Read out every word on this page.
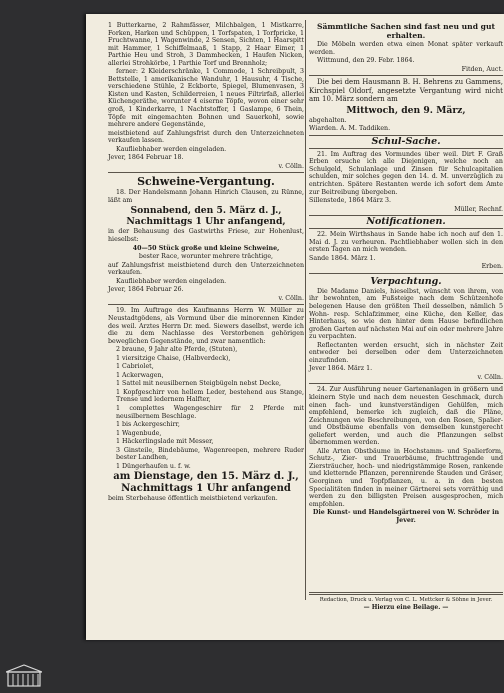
1 Butterkarne, 2 Rahmfässer, Milchbalgen, 1 Mistkarre, Forken, Harken und Schüppen, 1 Torfspaten, 1 Torfpricke, 1 Fruchtwanne, 1 Wagenwinde, 2 Sensen, Sichten, 1 Haarspitt mit Hammer, 1 Schiffelmaaß, 1 Stapp, 2 Haar Eimer, 1 Parthie Heu und Stroh, 3 Dammhecken, 1 Haufen Nicken, allerlei Strohkörbe, 1 Parthie Torf und Brennholz;

ferner: 2 Kleiderschränke, 1 Commode, 1 Schreibpult, 3 Bettstelle, 1 amerikanische Wanduhr, 1 Hausuhr, 4 Tische, verschiedene Stühle, 2 Eckborte, Spiegel, Blumenvasen, 3 Kisten und Kasten, Schilderreien, 1 neues Filtrirfaß, allerlei Küchengeräthe, worunter 4 eiserne Töpfe, wovon einer sehr groß, 1 Kinderkarre, 1 Nachtstoffer, 1 Gaslampe, 6 Thein, Töpfe mit eingemachten Bohnen und Sauerkohl, sowie mehrere andere Gegenstände,

meistbietend auf Zahlungsfrist durch den Unterzeichneten verkaufen lassen.

Kaufliebhaber werden eingeladen.

Jever, 1864 Februar 18.

v. Cölln.

Schweine-Vergantung.

18. Der Handelsmann Johann Hinrich Clausen, zu Rünne, läßt am

Sonnabend, den 5. März d. J., Nachmittags 1 Uhr anfangend,

in der Behausung des Gastwirths Friese, zur Hohenlust, hieselbst:

40—50 Stück große und kleine Schweine,

bester Race, worunter mehrere trächtige,

auf Zahlungsfrist meistbietend durch den Unterzeichneten verkaufen.

Kaufliebhaber werden eingeladen.

Jever, 1864 Februar 26.

v. Cölln.

19. Im Auftrage des Kaufmanns Herrn W. Müller zu Neustadtgödens, als Vormund über die minorennen Kinder des weil. Arztes Herrn Dr. med. Siewers daselbst, werde ich die zu dem Nachlasse des Verstorbenen gehörigen beweglichen Gegenstände, und zwar namentlich:

2 braune, 9 Jahr alte Pferde, (Stuten),

1 viersitzige Chaise, (Halbverdeck),

1 Cabriolet,

1 Ackerwagen,

1 Sattel mit neusilbernen Steigbügeln nebst Decke,

1 Kopfgeschirr von hellem Leder, bestehend aus Stange, Trense und ledernem Halfter,

1 complettes Wagengeschirr für 2 Pferde mit neusilbernem Beschlage.

1 bis Ackergeschirr,

1 Wagenbude,

1 Häckerlingslade mit Messer,

3 Ginsteile, Bindebäume, Wagenreepen, mehrere Ruder bester Landhen,

1 Düngerhaufen u. f. w.

am Dienstage, den 15. März d. J., Nachmittags 1 Uhr anfangend

beim Sterbehause öffentlich meistbietend verkaufen.

Sämmtliche Sachen sind fast neu und gut erhalten.

Die Möbeln werden etwa einen Monat später verkauft werden.

Wittmund, den 29. Febr. 1864.

Fitden, Auct.

Die bei dem Hausmann B. H. Behrens zu Gammens, Kirchspiel Oldorf, angesetzte Vergantung wird nicht am 10. März sondern am

Mittwoch, den 9. März,

abgehalten.

Wiarden. A. M. Taddiken.

Schul-Sache.

21. Im Auftrag des Vormundes über weil. Dirt F. Graß Erben ersuche ich alle Diejenigen, welche noch an Schulgeld, Schulanlage und Zinsen für Schulcapitalien schulden, mir solches gegen den 14. d. M. unverzüglich zu entrichten. Spätere Restanten werde ich sofort dem Amte zur Beitreibung übergeben.

Sillenstede, 1864 März 3.

Müller, Rechnf.

Notificationen.

22. Mein Wirthshaus in Sande habe ich noch auf den 1. Mai d. J. zu verheuren. Pachtliebhaber wollen sich in den ersten Tagen an mich wenden.

Sande 1864. März 1.

Erben.

Verpachtung.

Die Madame Daniels, hieselbst, wünscht von ihrem, von ihr bewohnten, am Fußsteige nach dem Schützenhofe belegenen Hause den größten Theil desselben, nämlich 5 Wohn- resp. Schlafzimmer, eine Küche, den Keller, das Hinterhaus, so wie den hinter dem Hause befindlichen großen Garten auf nächsten Mai auf ein oder mehrere Jahre zu verpachten.

Reflectanten werden ersucht, sich in nächster Zeit entweder bei derselben oder dem Unterzeichneten einzufinden.

Jever 1864. März 1.

v. Cölln.

24. Zur Ausführung neuer Gartenanlagen in größern und kleinern Style und nach dem neuesten Geschmack, durch einen fach- und kunstverständigen Gehülfen, mich empfehlend, bemerke ich zugleich, daß die Pläne, Zeichnungen wie Beschreibungen, von den Rosen, Spalier- und Obstbäume ebenfalls von demselben kunstgerecht geliefert werden, und auch die Pflanzungen selbst übernommen werden.

Alle Arten Obstbäume in Hochstamm- und Spalierform, Schutz-, Zier- und Trauerbäume, fruchttragende und Ziersträucher, hoch- und niedrigstämmige Rosen, rankende und kletternde Pflanzen, perennirende Stauden und Gräser, Georginen und Topfpflanzen, u. a. in den besten Specialitäten finden in meiner Gärtnerei sets vorräthig und werden zu den billigsten Preisen ausgesprochen, mich empfohlen.

Die Kunst- und Handelsgärtnerei von W. Schröder in Jever.

Redaction, Druck u. Verlag von C. L. Mettcker & Söhne in Jever.
— Hierzu eine Beilage. —
